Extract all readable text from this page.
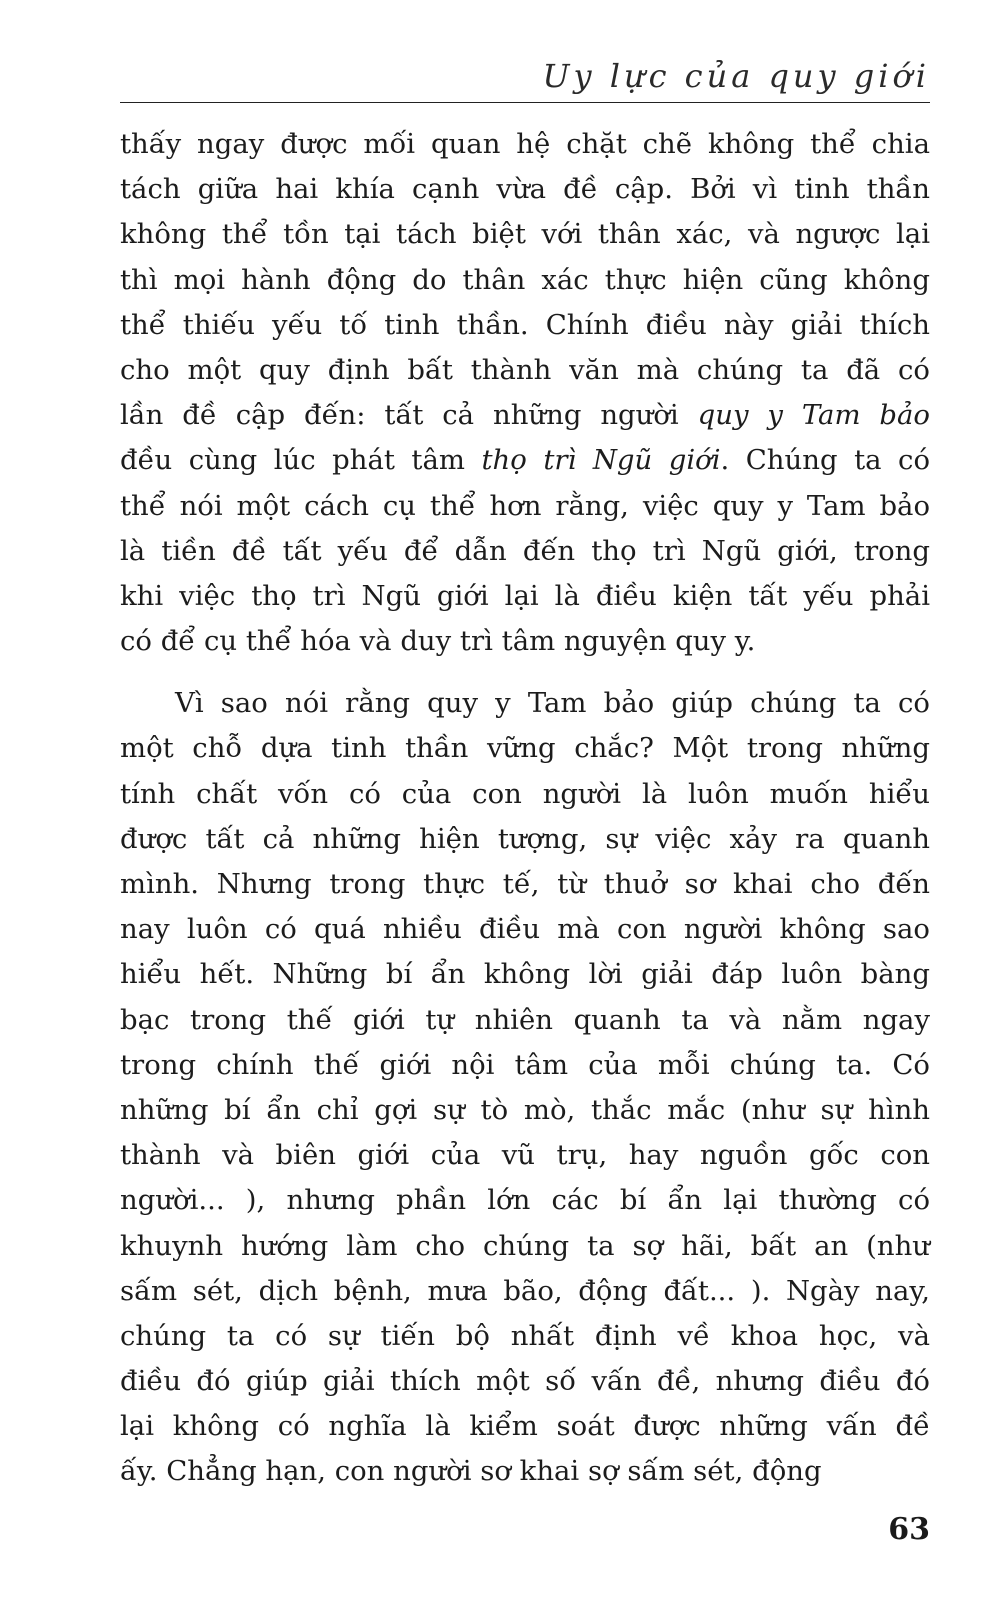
Uy lực của quy giới
thấy ngay được mối quan hệ chặt chẽ không thể chia
tách giữa hai khía cạnh vừa đề cập. Bởi vì tinh thần
không thể tồn tại tách biệt với thân xác, và ngược lại
thì mọi hành động do thân xác thực hiện cũng không
thể thiếu yếu tố tinh thần. Chính điều này giải thích
cho một quy định bất thành văn mà chúng ta đã có
lần đề cập đến: tất cả những người quy y Tam bảo
đều cùng lúc phát tâm thọ trì Ngũ giới. Chúng ta có
thể nói một cách cụ thể hơn rằng, việc quy y Tam bảo
là tiền đề tất yếu để dẫn đến thọ trì Ngũ giới, trong
khi việc thọ trì Ngũ giới lại là điều kiện tất yếu phải
có để cụ thể hóa và duy trì tâm nguyện quy y.
Vì sao nói rằng quy y Tam bảo giúp chúng ta có
một chỗ dựa tinh thần vững chắc? Một trong những
tính chất vốn có của con người là luôn muốn hiểu
được tất cả những hiện tượng, sự việc xảy ra quanh
mình. Nhưng trong thực tế, từ thuở sơ khai cho đến
nay luôn có quá nhiều điều mà con người không sao
hiểu hết. Những bí ẩn không lời giải đáp luôn bàng
bạc trong thế giới tự nhiên quanh ta và nằm ngay
trong chính thế giới nội tâm của mỗi chúng ta. Có
những bí ẩn chỉ gợi sự tò mò, thắc mắc (như sự hình
thành và biên giới của vũ trụ, hay nguồn gốc con
người... ), nhưng phần lớn các bí ẩn lại thường có
khuynh hướng làm cho chúng ta sợ hãi, bất an (như
sấm sét, dịch bệnh, mưa bão, động đất... ). Ngày nay,
chúng ta có sự tiến bộ nhất định về khoa học, và
điều đó giúp giải thích một số vấn đề, nhưng điều đó
lại không có nghĩa là kiểm soát được những vấn đề
ấy. Chẳng hạn, con người sơ khai sợ sấm sét, động
63
